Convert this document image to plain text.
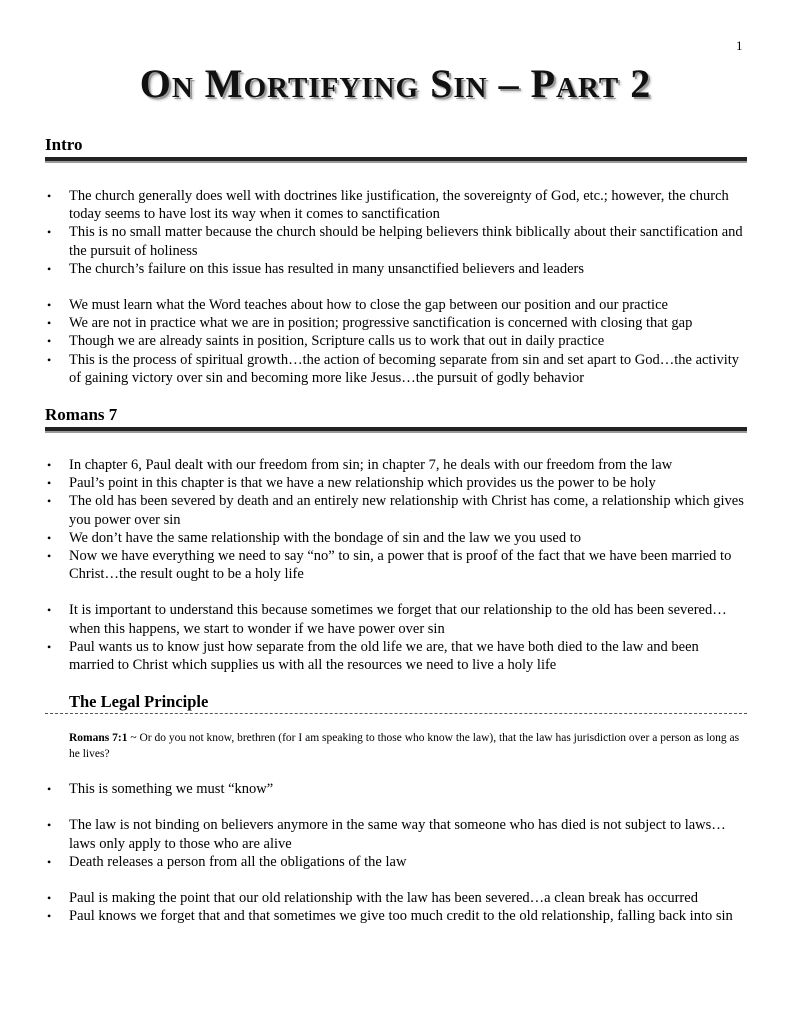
1
ON MORTIFYING SIN – PART 2
Intro
• The church generally does well with doctrines like justification, the sovereignty of God, etc.; however, the church today seems to have lost its way when it comes to sanctification
• This is no small matter because the church should be helping believers think biblically about their sanctification and the pursuit of holiness
• The church’s failure on this issue has resulted in many unsanctified believers and leaders
• We must learn what the Word teaches about how to close the gap between our position and our practice
• We are not in practice what we are in position; progressive sanctification is concerned with closing that gap
• Though we are already saints in position, Scripture calls us to work that out in daily practice
• This is the process of spiritual growth…the action of becoming separate from sin and set apart to God…the activity of gaining victory over sin and becoming more like Jesus…the pursuit of godly behavior
Romans 7
• In chapter 6, Paul dealt with our freedom from sin; in chapter 7, he deals with our freedom from the law
• Paul’s point in this chapter is that we have a new relationship which provides us the power to be holy
• The old has been severed by death and an entirely new relationship with Christ has come, a relationship which gives you power over sin
• We don’t have the same relationship with the bondage of sin and the law we you used to
• Now we have everything we need to say “no” to sin, a power that is proof of the fact that we have been married to Christ…the result ought to be a holy life
• It is important to understand this because sometimes we forget that our relationship to the old has been severed…when this happens, we start to wonder if we have power over sin
• Paul wants us to know just how separate from the old life we are, that we have both died to the law and been married to Christ which supplies us with all the resources we need to live a holy life
The Legal Principle
Romans 7:1 ~ Or do you not know, brethren (for I am speaking to those who know the law), that the law has jurisdiction over a person as long as he lives?
• This is something we must “know”
• The law is not binding on believers anymore in the same way that someone who has died is not subject to laws…laws only apply to those who are alive
• Death releases a person from all the obligations of the law
• Paul is making the point that our old relationship with the law has been severed…a clean break has occurred
• Paul knows we forget that and that sometimes we give too much credit to the old relationship, falling back into sin
